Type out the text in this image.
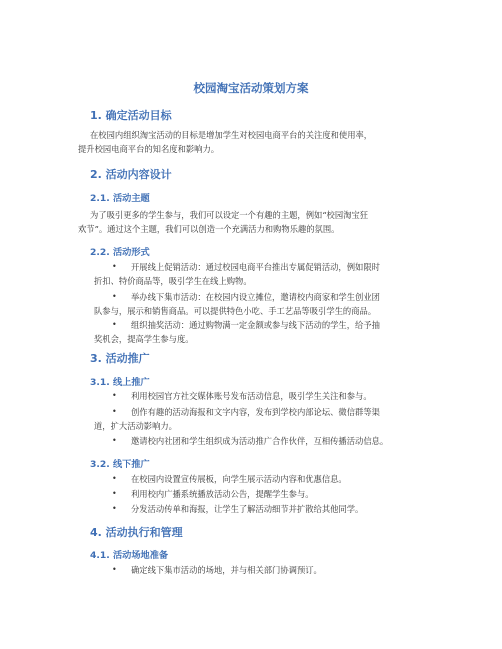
校园淘宝活动策划方案
1. 确定活动目标
在校园内组织淘宝活动的目标是增加学生对校园电商平台的关注度和使用率，
提升校园电商平台的知名度和影响力。
2. 活动内容设计
2.1. 活动主题
为了吸引更多的学生参与，我们可以设定一个有趣的主题，例如“校园淘宝狂
欢节”。通过这个主题，我们可以创造一个充满活力和购物乐趣的氛围。
2.2. 活动形式
•	开展线上促销活动：通过校园电商平台推出专属促销活动，例如限时
折扣、特价商品等，吸引学生在线上购物。
•	举办线下集市活动：在校园内设立摊位，邀请校内商家和学生创业团
队参与，展示和销售商品。可以提供特色小吃、手工艺品等吸引学生的商品。
•	组织抽奖活动：通过购物满一定金额或参与线下活动的学生，给予抽
奖机会，提高学生参与度。
3. 活动推广
3.1. 线上推广
•	利用校园官方社交媒体账号发布活动信息，吸引学生关注和参与。
•	创作有趣的活动海报和文字内容，发布到学校内部论坛、微信群等渠
道，扩大活动影响力。
•	邀请校内社团和学生组织成为活动推广合作伙伴，互相传播活动信息。
3.2. 线下推广
•	在校园内设置宣传展板，向学生展示活动内容和优惠信息。
•	利用校内广播系统播放活动公告，提醒学生参与。
•	分发活动传单和海报，让学生了解活动细节并扩散给其他同学。
4. 活动执行和管理
4.1. 活动场地准备
•	确定线下集市活动的场地，并与相关部门协调预订。
